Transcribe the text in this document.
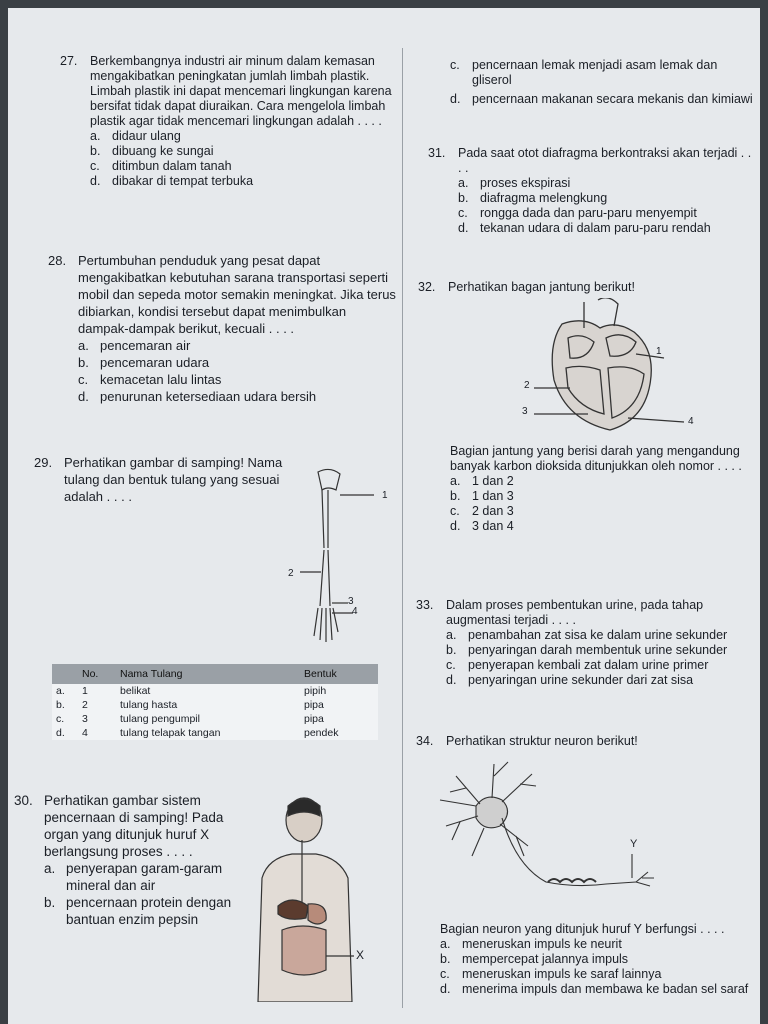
27. Berkembangnya industri air minum dalam kemasan mengakibatkan peningkatan jumlah limbah plastik. Limbah plastik ini dapat mencemari lingkungan karena bersifat tidak dapat diuraikan. Cara mengelola limbah plastik agar tidak mencemari lingkungan adalah . . . .
a. didaur ulang
b. dibuang ke sungai
c. ditimbun dalam tanah
d. dibakar di tempat terbuka
28. Pertumbuhan penduduk yang pesat dapat mengakibatkan kebutuhan sarana transportasi seperti mobil dan sepeda motor semakin meningkat. Jika terus dibiarkan, kondisi tersebut dapat menimbulkan dampak-dampak berikut, kecuali . . . .
a. pencemaran air
b. pencemaran udara
c. kemacetan lalu lintas
d. penurunan ketersediaan udara bersih
29. Perhatikan gambar di samping! Nama tulang dan bentuk tulang yang sesuai adalah . . . .	1
2
3
4
	No.	Nama Tulang	Bentuk
a.	1	belikat	pipih
b.	2	tulang hasta	pipa
c.	3	tulang pengumpil	pipa
d.	4	tulang telapak tangan	pendek
30. Perhatikan gambar sistem pencernaan di samping! Pada organ yang ditunjuk huruf X berlangsung proses . . . .
a. penyerapan garam-garam mineral dan air
b. pencernaan protein dengan bantuan enzim pepsin
X
c. pencernaan lemak menjadi asam lemak dan gliserol
d. pencernaan makanan secara mekanis dan kimiawi
31. Pada saat otot diafragma berkontraksi akan terjadi . . . .
a. proses ekspirasi
b. diafragma melengkung
c. rongga dada dan paru-paru menyempit
d. tekanan udara di dalam paru-paru rendah
32. Perhatikan bagan jantung berikut!
1
2
3
4
Bagian jantung yang berisi darah yang mengandung banyak karbon dioksida ditunjukkan oleh nomor . . . .
a. 1 dan 2
b. 1 dan 3
c. 2 dan 3
d. 3 dan 4
33. Dalam proses pembentukan urine, pada tahap augmentasi terjadi . . . .
a. penambahan zat sisa ke dalam urine sekunder
b. penyaringan darah membentuk urine sekunder
c. penyerapan kembali zat dalam urine primer
d. penyaringan urine sekunder dari zat sisa
34. Perhatikan struktur neuron berikut!
Y
Bagian neuron yang ditunjuk huruf Y berfungsi . . . .
a. meneruskan impuls ke neurit
b. mempercepat jalannya impuls
c. meneruskan impuls ke saraf lainnya
d. menerima impuls dan membawa ke badan sel saraf
